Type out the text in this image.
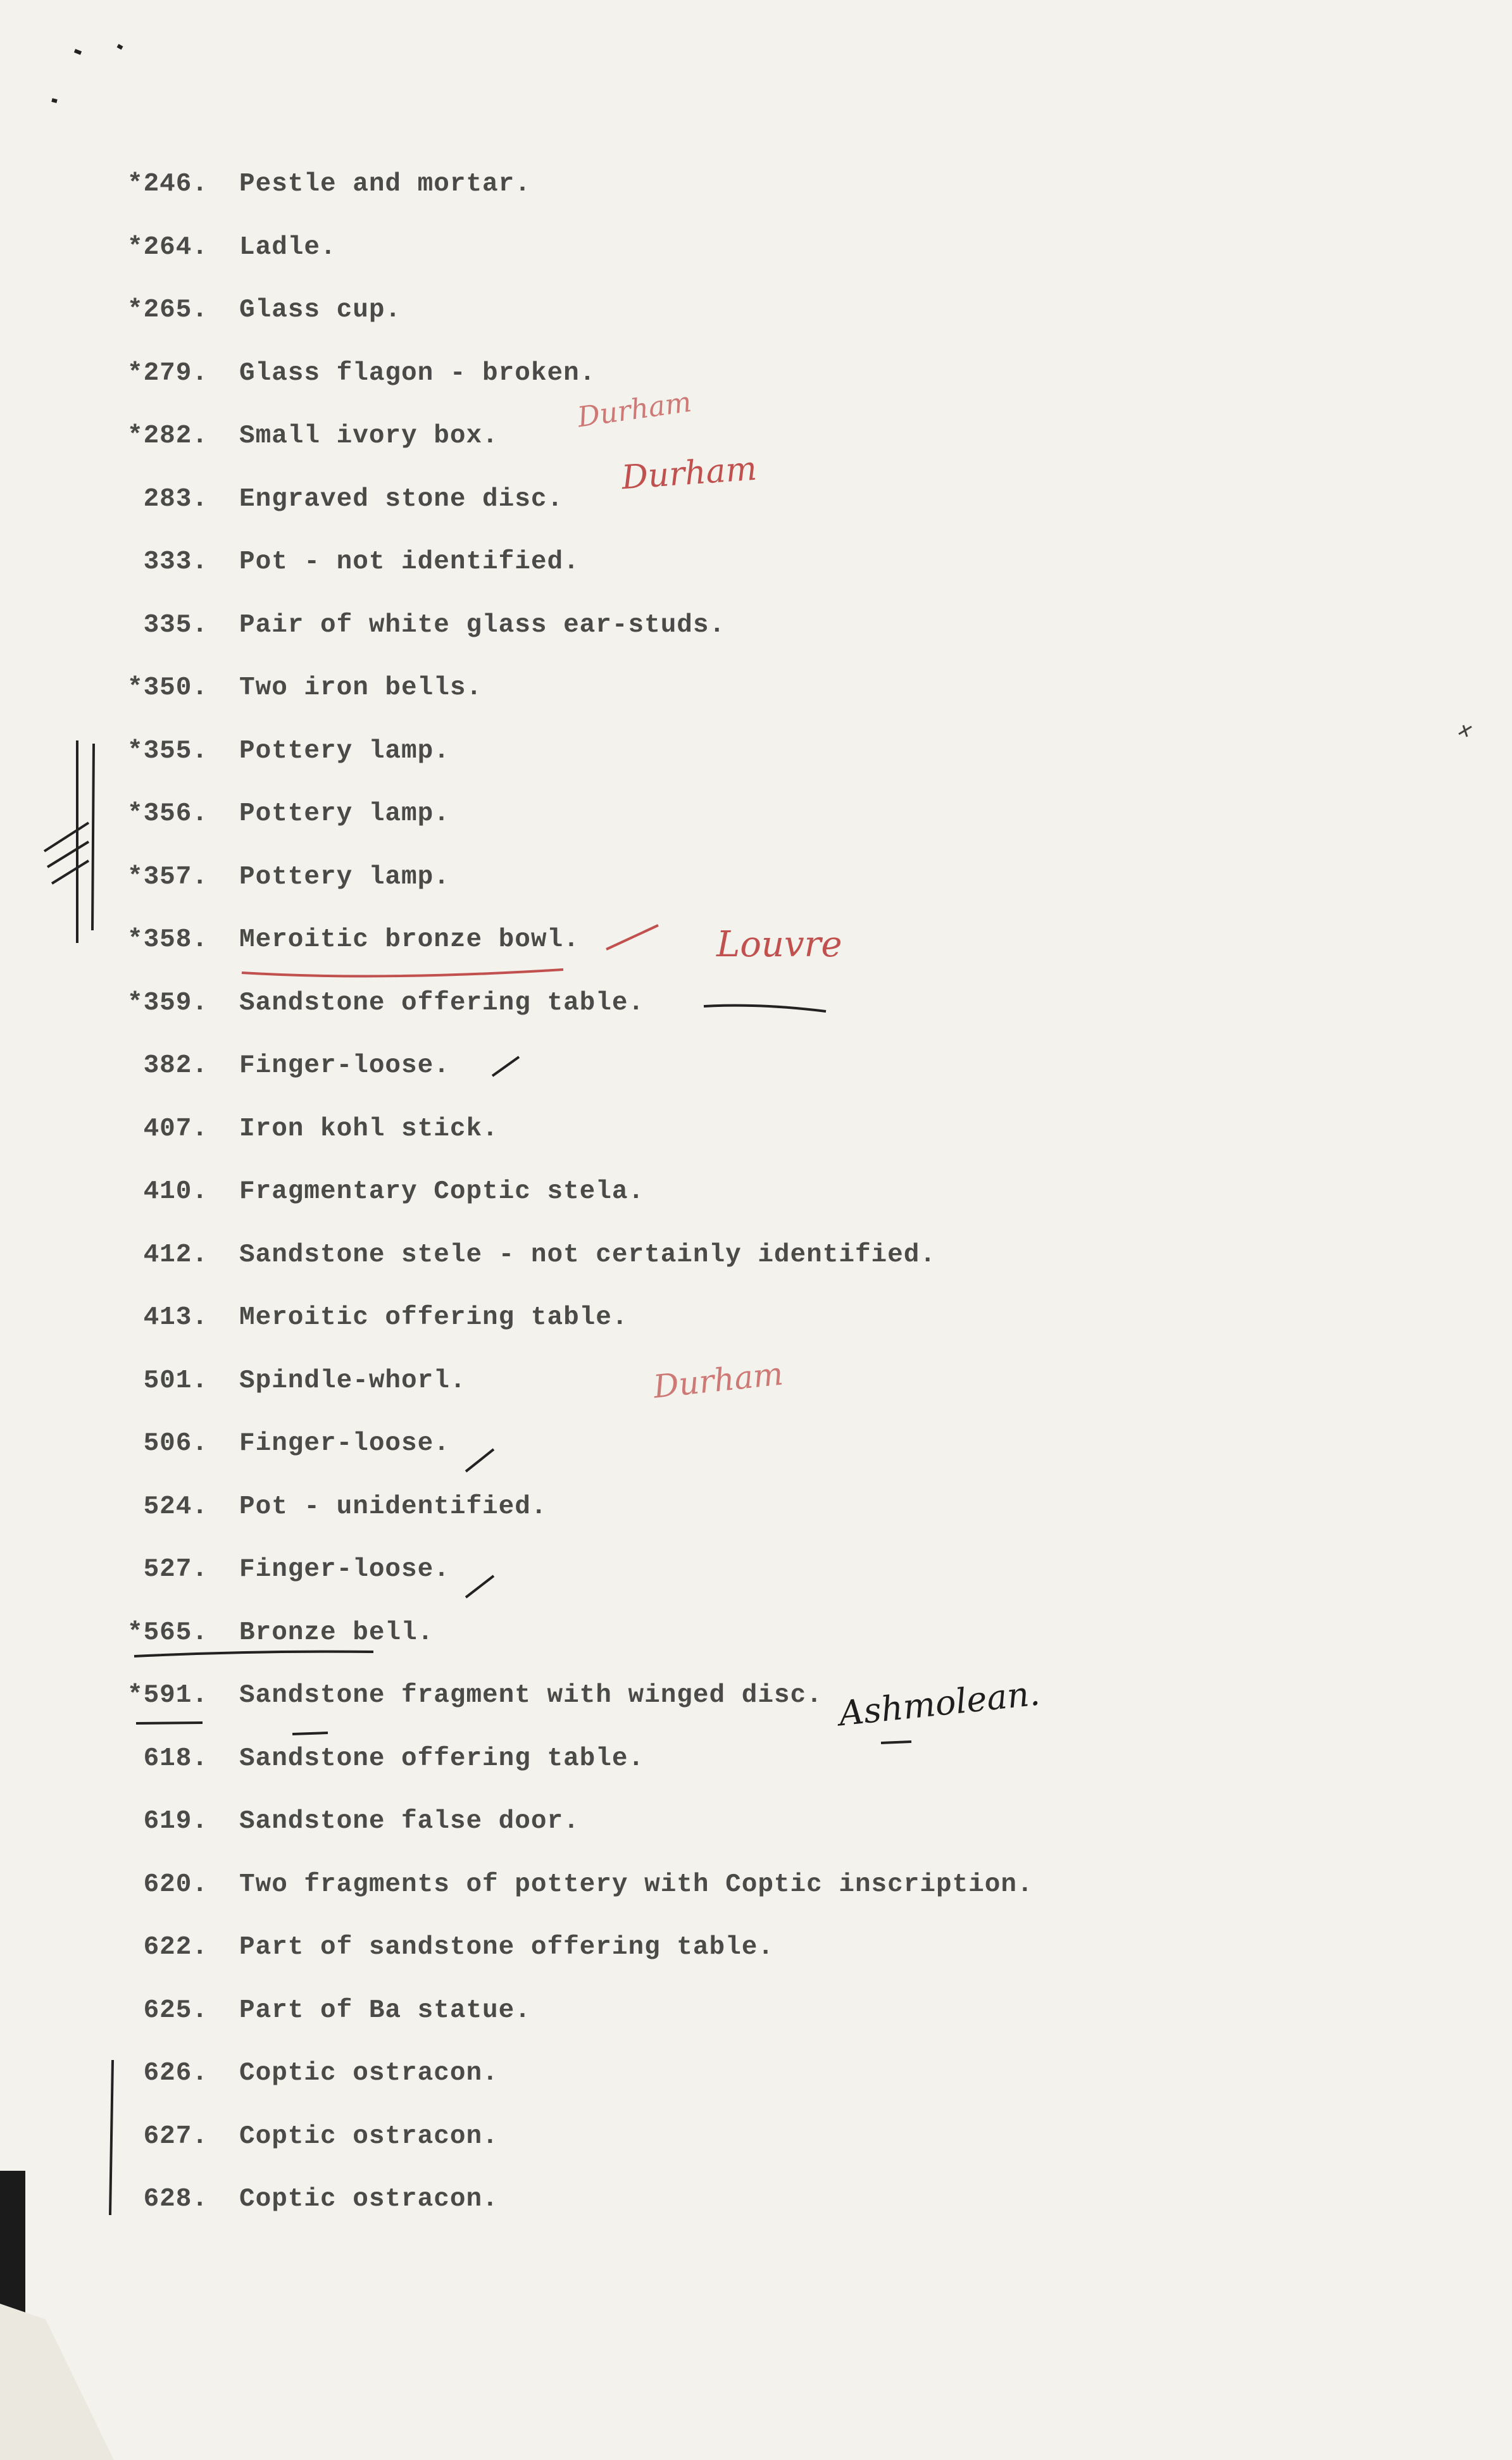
*246. Pestle and mortar.
*264. Ladle.
*265. Glass cup.
*279. Glass flagon - broken.
*282. Small ivory box.
283. Engraved stone disc.
333. Pot - not identified.
335. Pair of white glass ear-studs.
*350. Two iron bells.
*355. Pottery lamp.
*356. Pottery lamp.
*357. Pottery lamp.
*358. Meroitic bronze bowl.
*359. Sandstone offering table.
382. Finger-loose.
407. Iron kohl stick.
410. Fragmentary Coptic stela.
412. Sandstone stele - not certainly identified.
413. Meroitic offering table.
501. Spindle-whorl.
506. Finger-loose.
524. Pot - unidentified.
527. Finger-loose.
*565. Bronze bell.
*591. Sandstone fragment with winged disc.
618. Sandstone offering table.
619. Sandstone false door.
620. Two fragments of pottery with Coptic inscription.
622. Part of sandstone offering table.
625. Part of Ba statue.
626. Coptic ostracon.
627. Coptic ostracon.
628. Coptic ostracon.
Durham
Durham
Louvre
Durham
Ashmolean.
